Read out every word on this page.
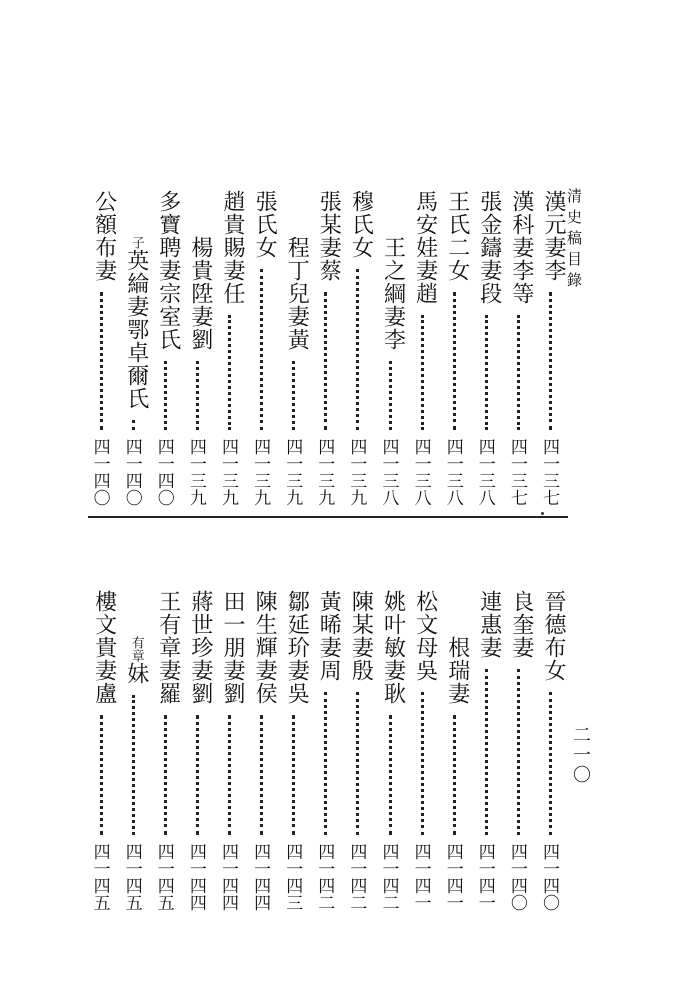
清史稿目錄
二一〇
漢元妻李
四一三七
漢科妻李等
四一三七
張金鑄妻段
四一三八
王氏二女
四一三八
馬安娃妻趙
四一三八
王之綱妻李
四一三八
穆氏女
四一三九
張某妻蔡
四一三九
程丁兒妻黃
四一三九
張氏女
四一三九
趙貴賜妻任
四一三九
楊貴陞妻劉
四一三九
多寶聘妻宗室氏
四一四〇
子英綸妻鄂卓爾氏
四一四〇
公額布妻
四一四〇
晉德布女
四一四〇
良奎妻
四一四〇
連惠妻
四一四一
根瑞妻
四一四一
松文母吳
四一四一
姚叶敏妻耿
四一四二
陳某妻殷
四一四二
黃晞妻周
四一四二
鄒延玠妻吳
四一四三
陳生輝妻侯
四一四四
田一朋妻劉
四一四四
蔣世珍妻劉
四一四四
王有章妻羅
四一四五
有章妹
四一四五
樓文貴妻盧
四一四五
